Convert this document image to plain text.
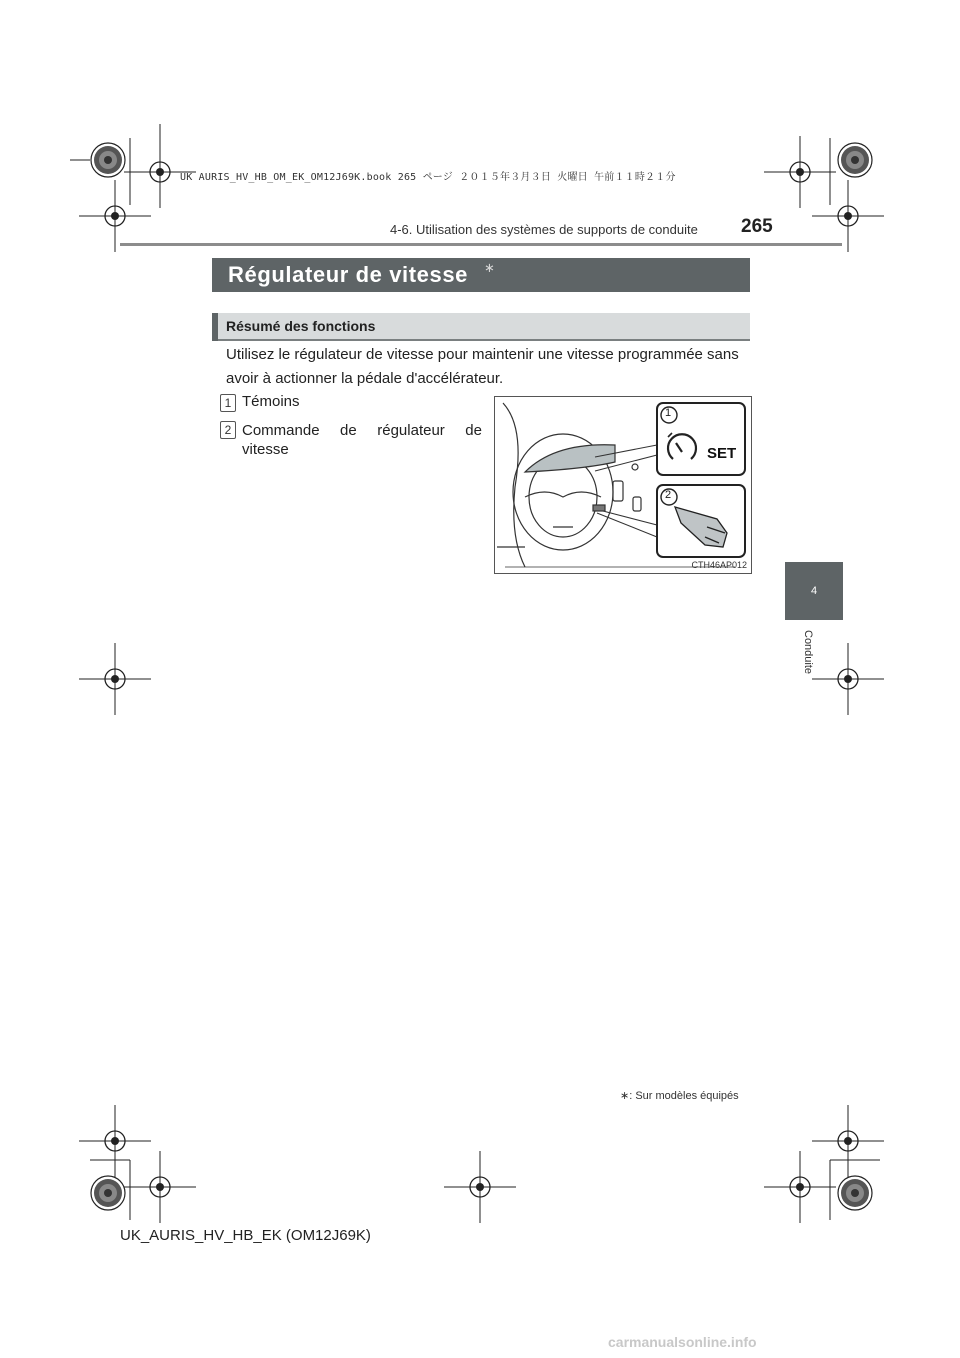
UK AURIS_HV_HB_OM_EK_OM12J69K.book 265 ページ ２０１５年３月３日 火曜日 午前１１時２１分
4-6. Utilisation des systèmes de supports de conduite 265
4
Conduite
Régulateur de vitesse ∗
Résumé des fonctions
Utilisez le régulateur de vitesse pour maintenir une vitesse programmée sans avoir à actionner la pédale d'accélérateur.
1 Témoins
2 Commande de régulateur de
vitesse
1
2
SET
CTH46AP012
∗: Sur modèles équipés
UK_AURIS_HV_HB_EK (OM12J69K)
carmanualsonline.info
